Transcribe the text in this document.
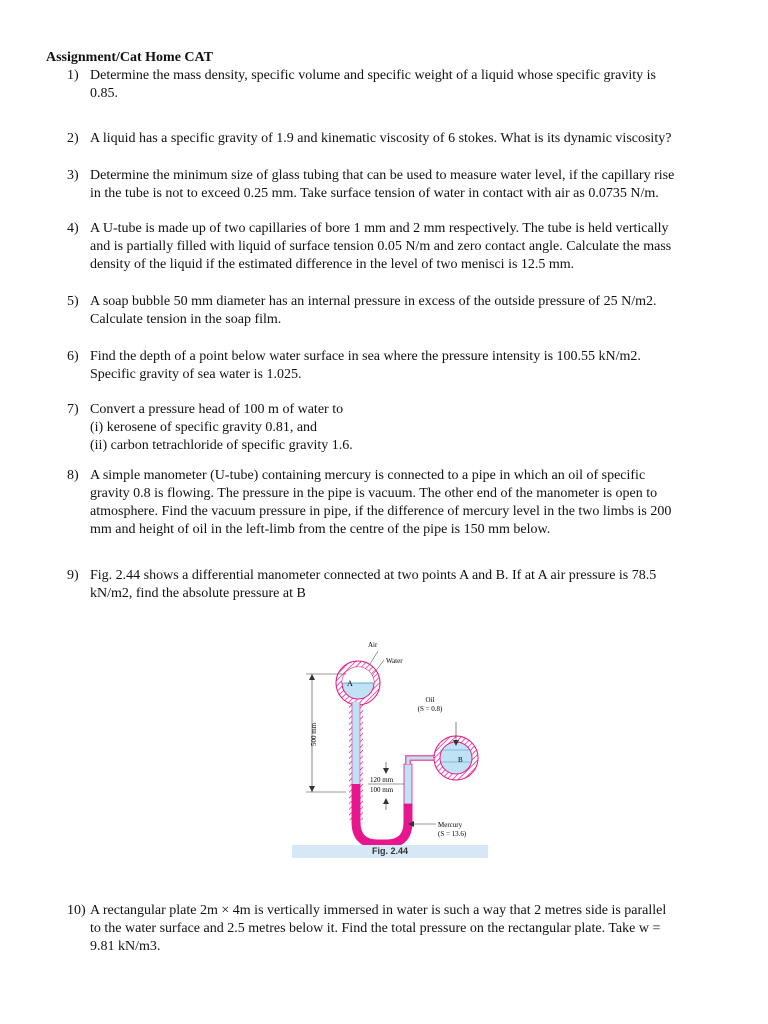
Assignment/Cat Home CAT
1) Determine the mass density, specific volume and specific weight of a liquid whose specific gravity is
0.85.
2) A liquid has a specific gravity of 1.9 and kinematic viscosity of 6 stokes. What is its dynamic viscosity?
3) Determine the minimum size of glass tubing that can be used to measure water level, if the capillary rise
in the tube is not to exceed 0.25 mm. Take surface tension of water in contact with air as 0.0735 N/m.
4) A U-tube is made up of two capillaries of bore 1 mm and 2 mm respectively. The tube is held vertically
and is partially filled with liquid of surface tension 0.05 N/m and zero contact angle. Calculate the mass
density of the liquid if the estimated difference in the level of two menisci is 12.5 mm.
5) A soap bubble 50 mm diameter has an internal pressure in excess of the outside pressure of 25 N/m2.
Calculate tension in the soap film.
6) Find the depth of a point below water surface in sea where the pressure intensity is 100.55 kN/m2.
Specific gravity of sea water is 1.025.
7) Convert a pressure head of 100 m of water to
(i) kerosene of specific gravity 0.81, and
(ii) carbon tetrachloride of specific gravity 1.6.
8) A simple manometer (U-tube) containing mercury is connected to a pipe in which an oil of specific
gravity 0.8 is flowing. The pressure in the pipe is vacuum. The other end of the manometer is open to
atmosphere. Find the vacuum pressure in pipe, if the difference of mercury level in the two limbs is 200
mm and height of oil in the left-limb from the centre of the pipe is 150 mm below.
9) Fig. 2.44 shows a differential manometer connected at two points A and B. If at A air pressure is 78.5
kN/m2, find the absolute pressure at B
10) A rectangular plate 2m × 4m is vertically immersed in water is such a way that 2 metres side is parallel
to the water surface and 2.5 metres below it. Find the total pressure on the rectangular plate. Take w =
9.81 kN/m3.
Air
Water
A
Oil
(S = 0.8)
B
500 mm
120 mm
100 mm
Mercury
(S = 13.6)
Fig. 2.44
